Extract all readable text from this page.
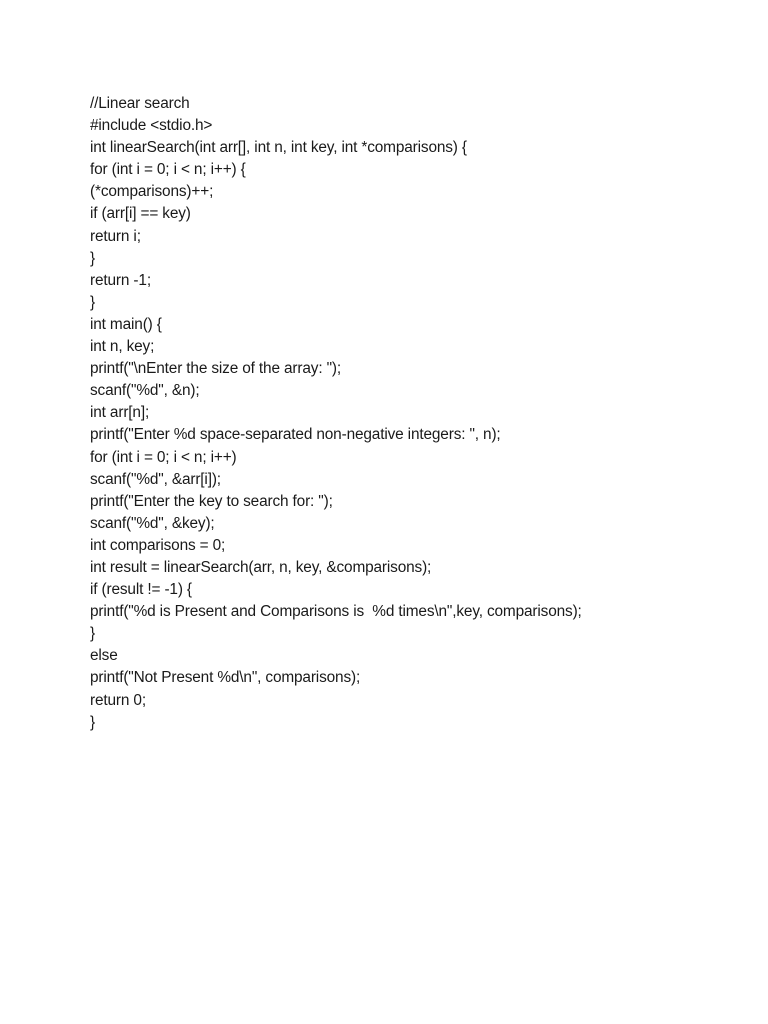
//Linear search
#include <stdio.h>
int linearSearch(int arr[], int n, int key, int *comparisons) {
for (int i = 0; i < n; i++) {
(*comparisons)++;
if (arr[i] == key)
return i;
}
return -1;
}
int main() {
int n, key;
printf("\nEnter the size of the array: ");
scanf("%d", &n);
int arr[n];
printf("Enter %d space-separated non-negative integers: ", n);
for (int i = 0; i < n; i++)
scanf("%d", &arr[i]);
printf("Enter the key to search for: ");
scanf("%d", &key);
int comparisons = 0;
int result = linearSearch(arr, n, key, &comparisons);
if (result != -1) {
printf("%d is Present and Comparisons is  %d times\n",key, comparisons);
}
else
printf("Not Present %d\n", comparisons);
return 0;
}
